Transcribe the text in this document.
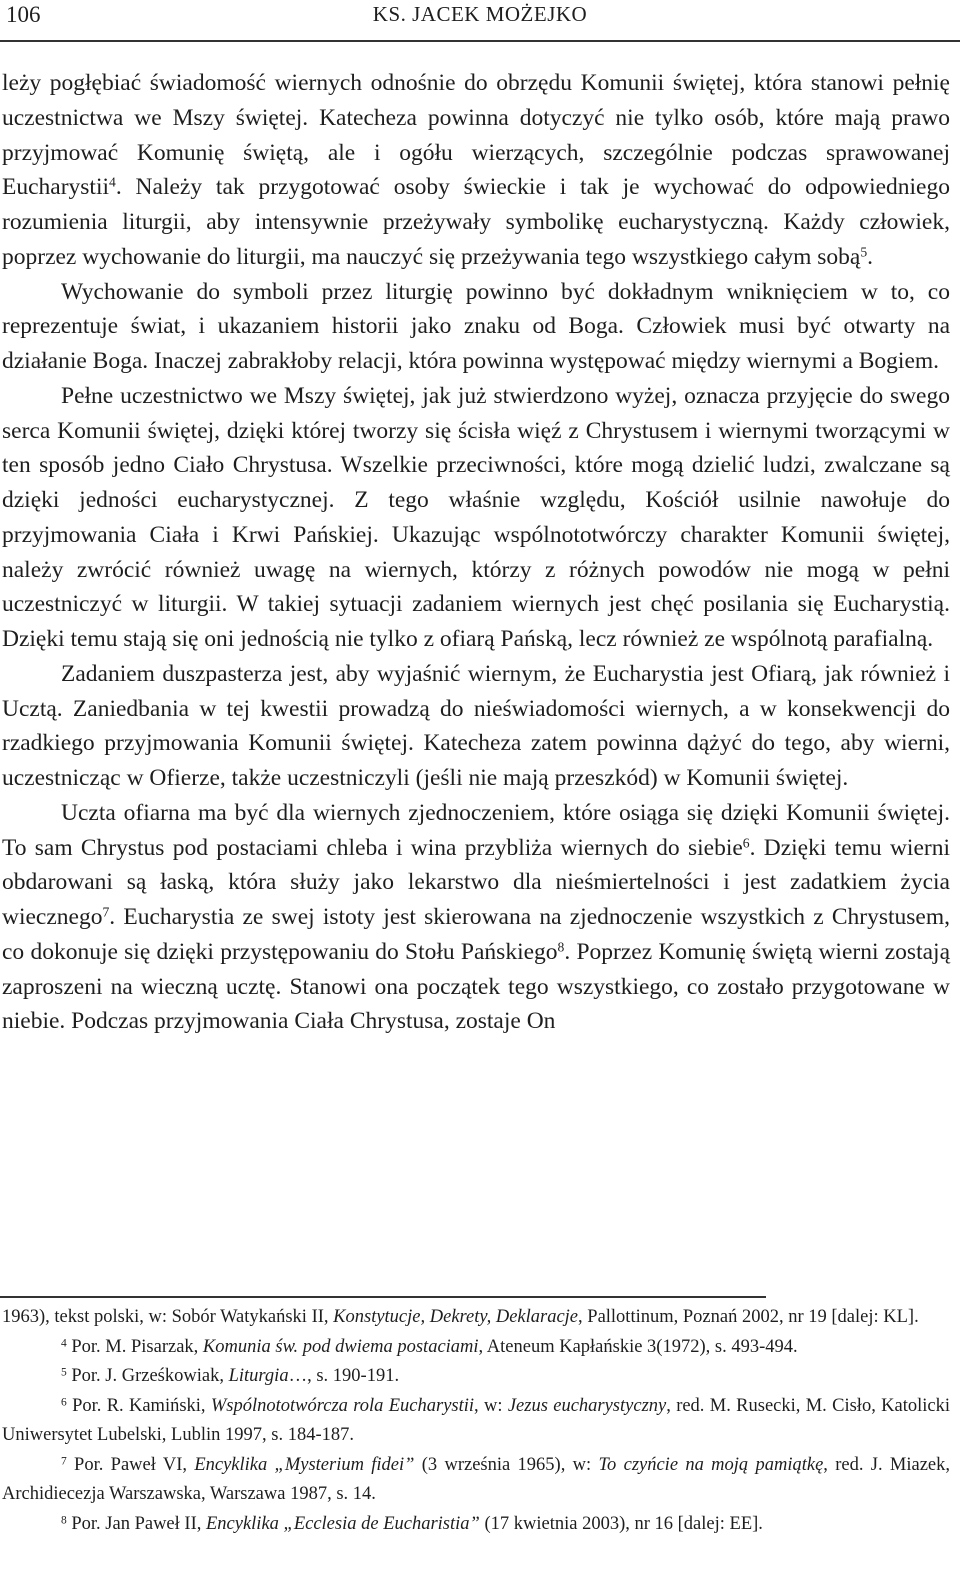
106	KS. JACEK MOŻEJKO

leży pogłębiać świadomość wiernych odnośnie do obrzędu Komunii świętej, która stanowi pełnię uczestnictwa we Mszy świętej. Katecheza powinna dotyczyć nie tylko osób, które mają prawo przyjmować Komunię świętą, ale i ogółu wierzących, szczególnie podczas sprawowanej Eucharystii$^4$. Należy tak przygotować osoby świeckie i tak je wychować do odpowiedniego rozumienia liturgii, aby intensywnie przeżywały symbolikę eucharystyczną. Każdy człowiek, poprzez wychowanie do liturgii, ma nauczyć się przeżywania tego wszystkiego całym sobą$^5$.

Wychowanie do symboli przez liturgię powinno być dokładnym wniknięciem w to, co reprezentuje świat, i ukazaniem historii jako znaku od Boga. Człowiek musi być otwarty na działanie Boga. Inaczej zabrakłoby relacji, która powinna występować między wiernymi a Bogiem.

Pełne uczestnictwo we Mszy świętej, jak już stwierdzono wyżej, oznacza przyjęcie do swego serca Komunii świętej, dzięki której tworzy się ścisła więź z Chrystusem i wiernymi tworzącymi w ten sposób jedno Ciało Chrystusa. Wszelkie przeciwności, które mogą dzielić ludzi, zwalczane są dzięki jedności eucharystycznej. Z tego właśnie względu, Kościół usilnie nawołuje do przyjmowania Ciała i Krwi Pańskiej. Ukazując wspólnototwórczy charakter Komunii świętej, należy zwrócić również uwagę na wiernych, którzy z różnych powodów nie mogą w pełni uczestniczyć w liturgii. W takiej sytuacji zadaniem wiernych jest chęć posilania się Eucharystią. Dzięki temu stają się oni jednością nie tylko z ofiarą Pańską, lecz również ze wspólnotą parafialną.

Zadaniem duszpasterza jest, aby wyjaśnić wiernym, że Eucharystia jest Ofiarą, jak również i Ucztą. Zaniedbania w tej kwestii prowadzą do nieświadomości wiernych, a w konsekwencji do rzadkiego przyjmowania Komunii świętej. Katecheza zatem powinna dążyć do tego, aby wierni, uczestnicząc w Ofierze, także uczestniczyli (jeśli nie mają przeszkód) w Komunii świętej.

Uczta ofiarna ma być dla wiernych zjednoczeniem, które osiąga się dzięki Komunii świętej. To sam Chrystus pod postaciami chleba i wina przybliża wiernych do siebie$^6$. Dzięki temu wierni obdarowani są łaską, która służy jako lekarstwo dla nieśmiertelności i jest zadatkiem życia wiecznego$^7$. Eucharystia ze swej istoty jest skierowana na zjednoczenie wszystkich z Chrystusem, co dokonuje się dzięki przystępowaniu do Stołu Pańskiego$^8$. Poprzez Komunię świętą wierni zostają zaproszeni na wieczną ucztę. Stanowi ona początek tego wszystkiego, co zostało przygotowane w niebie. Podczas przyjmowania Ciała Chrystusa, zostaje On

1963), tekst polski, w: Sobór Watykański II, Konstytucje, Dekrety, Deklaracje, Pallottinum, Poznań 2002, nr 19 [dalej: KL].

$^4$ Por. M. Pisarzak, Komunia św. pod dwiema postaciami, Ateneum Kapłańskie 3(1972), s. 493-494.

$^5$ Por. J. Grześkowiak, Liturgia…, s. 190-191.

$^6$ Por. R. Kamiński, Wspólnototwórcza rola Eucharystii, w: Jezus eucharystyczny, red. M. Rusecki, M. Cisło, Katolicki Uniwersytet Lubelski, Lublin 1997, s. 184-187.

$^7$ Por. Paweł VI, Encyklika „Mysterium fidei” (3 września 1965), w: To czyńcie na moją pamiątkę, red. J. Miazek, Archidiecezja Warszawska, Warszawa 1987, s. 14.

$^8$ Por. Jan Paweł II, Encyklika „Ecclesia de Eucharistia” (17 kwietnia 2003), nr 16 [dalej: EE].
